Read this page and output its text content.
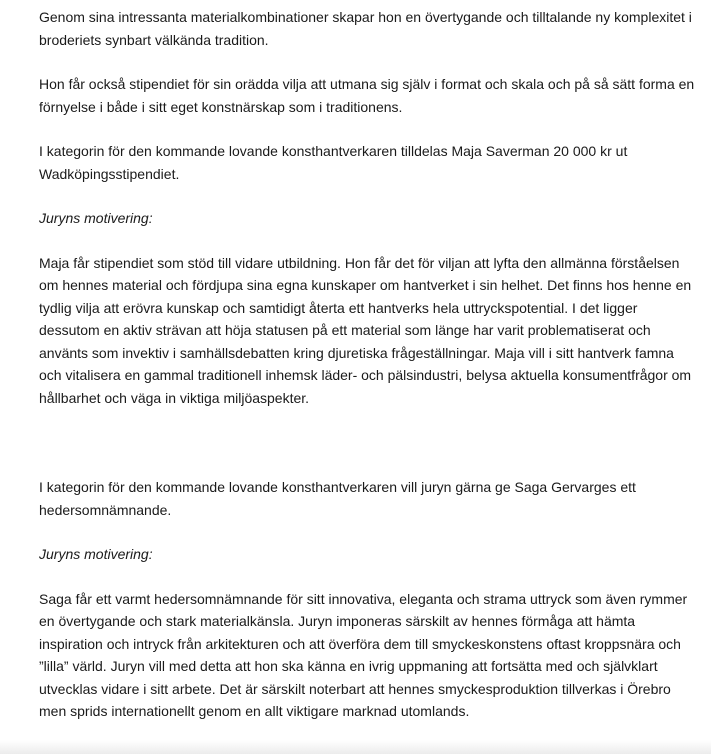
Genom sina intressanta materialkombinationer skapar hon en övertygande och tilltalande ny komplexitet i broderiets synbart välkända tradition.

Hon får också stipendiet för sin orädda vilja att utmana sig själv i format och skala och på så sätt forma en förnyelse i både i sitt eget konstnärskap som i traditionens.

I kategorin för den kommande lovande konsthantverkaren tilldelas Maja Saverman 20 000 kr ut Wadköpingsstipendiet.

Juryns motivering:

Maja får stipendiet som stöd till vidare utbildning. Hon får det för viljan att lyfta den allmänna förståelsen om hennes material och fördjupa sina egna kunskaper om hantverket i sin helhet. Det finns hos henne en tydlig vilja att erövra kunskap och samtidigt återta ett hantverks hela uttryckspotential. I det ligger dessutom en aktiv strävan att höja statusen på ett material som länge har varit problematiserat och använts som invektiv i samhällsdebatten kring djuretiska frågeställningar. Maja vill i sitt hantverk famna och vitalisera en gammal traditionell inhemsk läder- och pälsindustri, belysa aktuella konsumentfrågor om hållbarhet och väga in viktiga miljöaspekter.

I kategorin för den kommande lovande konsthantverkaren vill juryn gärna ge Saga Gervarges ett hedersomnämnande.

Juryns motivering:

Saga får ett varmt hedersomnämnande för sitt innovativa, eleganta och strama uttryck som även rymmer en övertygande och stark materialkänsla. Juryn imponeras särskilt av hennes förmåga att hämta inspiration och intryck från arkitekturen och att överföra dem till smyckeskonstens oftast kroppsnära och ”lilla” värld. Juryn vill med detta att hon ska känna en ivrig uppmaning att fortsätta med och självklart utvecklas vidare i sitt arbete. Det är särskilt noterbart att hennes smyckesproduktion tillverkas i Örebro men sprids internationellt genom en allt viktigare marknad utomlands.
